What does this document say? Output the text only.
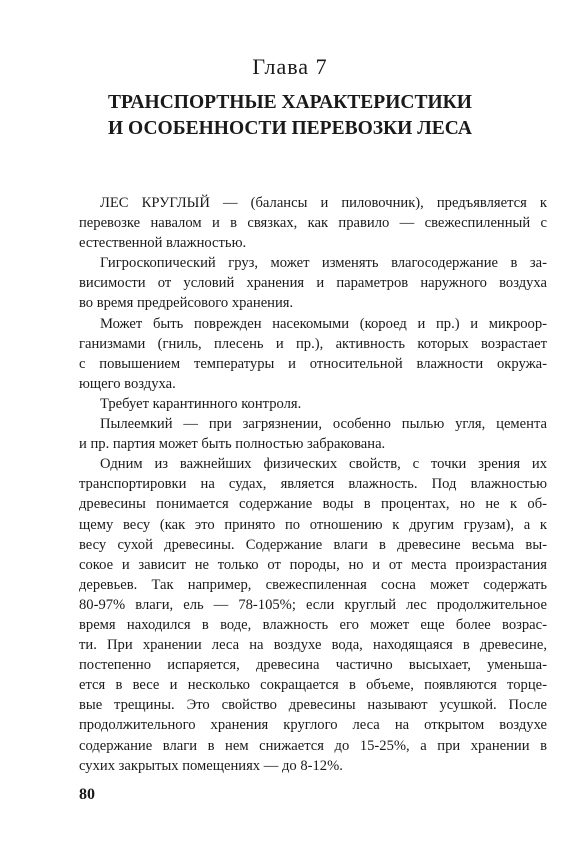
Глава 7
ТРАНСПОРТНЫЕ ХАРАКТЕРИСТИКИ
И ОСОБЕННОСТИ ПЕРЕВОЗКИ ЛЕСА
ЛЕС КРУГЛЫЙ — (балансы и пиловочник), предъявляется к
перевозке навалом и в связках, как правило — свежеспиленный с
естественной влажностью.
Гигроскопический груз, может изменять влагосодержание в за-
висимости от условий хранения и параметров наружного воздуха
во время предрейсового хранения.
Может быть поврежден насекомыми (короед и пр.) и микроор-
ганизмами (гниль, плесень и пр.), активность которых возрастает
с повышением температуры и относительной влажности окружа-
ющего воздуха.
Требует карантинного контроля.
Пылеемкий — при загрязнении, особенно пылью угля, цемента
и пр. партия может быть полностью забракована.
Одним из важнейших физических свойств, с точки зрения их
транспортировки на судах, является влажность. Под влажностью
древесины понимается содержание воды в процентах, но не к об-
щему весу (как это принято по отношению к другим грузам), а к
весу сухой древесины. Содержание влаги в древесине весьма вы-
сокое и зависит не только от породы, но и от места произрастания
деревьев. Так например, свежеспиленная сосна может содержать
80-97% влаги, ель — 78-105%; если круглый лес продолжительное
время находился в воде, влажность его может еще более возрас-
ти. При хранении леса на воздухе вода, находящаяся в древесине,
постепенно испаряется, древесина частично высыхает, уменьша-
ется в весе и несколько сокращается в объеме, появляются торце-
вые трещины. Это свойство древесины называют усушкой. После
продолжительного хранения круглого леса на открытом воздухе
содержание влаги в нем снижается до 15-25%, а при хранении в
сухих закрытых помещениях — до 8-12%.
80
